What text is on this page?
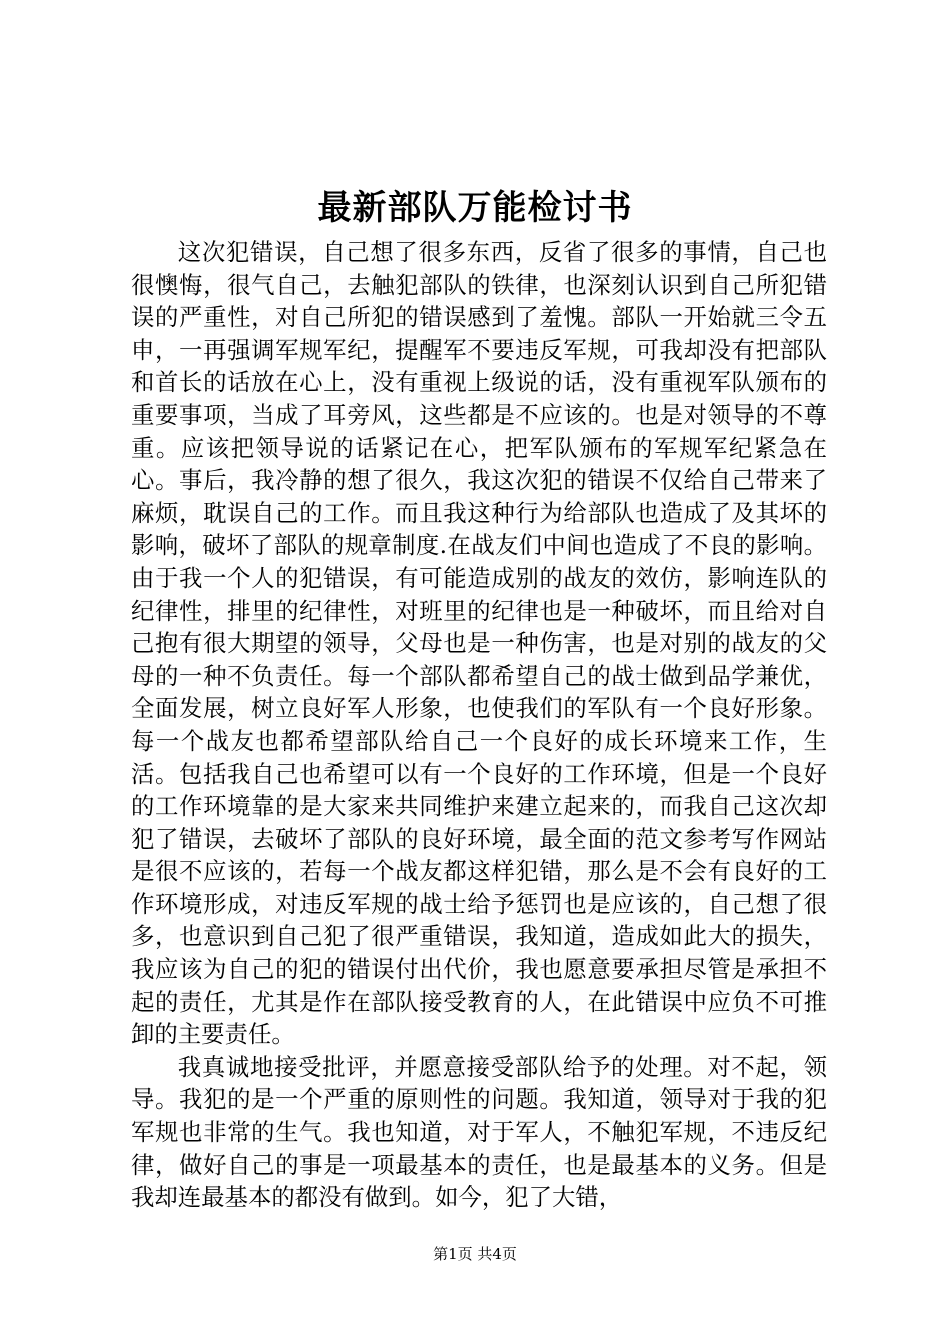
最新部队万能检讨书

这次犯错误，自己想了很多东西，反省了很多的事情，自己也很懊悔，很气自己，去触犯部队的铁律，也深刻认识到自己所犯错误的严重性，对自己所犯的错误感到了羞愧。部队一开始就三令五申，一再强调军规军纪，提醒军不要违反军规，可我却没有把部队和首长的话放在心上，没有重视上级说的话，没有重视军队颁布的重要事项，当成了耳旁风，这些都是不应该的。也是对领导的不尊重。应该把领导说的话紧记在心，把军队颁布的军规军纪紧急在心。事后，我冷静的想了很久，我这次犯的错误不仅给自己带来了麻烦，耽误自己的工作。而且我这种行为给部队也造成了及其坏的影响，破坏了部队的规章制度.在战友们中间也造成了不良的影响。由于我一个人的犯错误，有可能造成别的战友的效仿，影响连队的纪律性，排里的纪律性，对班里的纪律也是一种破坏，而且给对自己抱有很大期望的领导，父母也是一种伤害，也是对别的战友的父母的一种不负责任。每一个部队都希望自己的战士做到品学兼优，全面发展，树立良好军人形象，也使我们的军队有一个良好形象。每一个战友也都希望部队给自己一个良好的成长环境来工作，生活。包括我自己也希望可以有一个良好的工作环境，但是一个良好的工作环境靠的是大家来共同维护来建立起来的，而我自己这次却犯了错误，去破坏了部队的良好环境，最全面的范文参考写作网站是很不应该的，若每一个战友都这样犯错，那么是不会有良好的工作环境形成，对违反军规的战士给予惩罚也是应该的，自己想了很多，也意识到自己犯了很严重错误，我知道，造成如此大的损失，我应该为自己的犯的错误付出代价，我也愿意要承担尽管是承担不起的责任，尤其是作在部队接受教育的人，在此错误中应负不可推卸的主要责任。

我真诚地接受批评，并愿意接受部队给予的处理。对不起，领导。我犯的是一个严重的原则性的问题。我知道，领导对于我的犯军规也非常的生气。我也知道，对于军人，不触犯军规，不违反纪律，做好自己的事是一项最基本的责任，也是最基本的义务。但是我却连最基本的都没有做到。如今，犯了大错，

第1页 共4页
